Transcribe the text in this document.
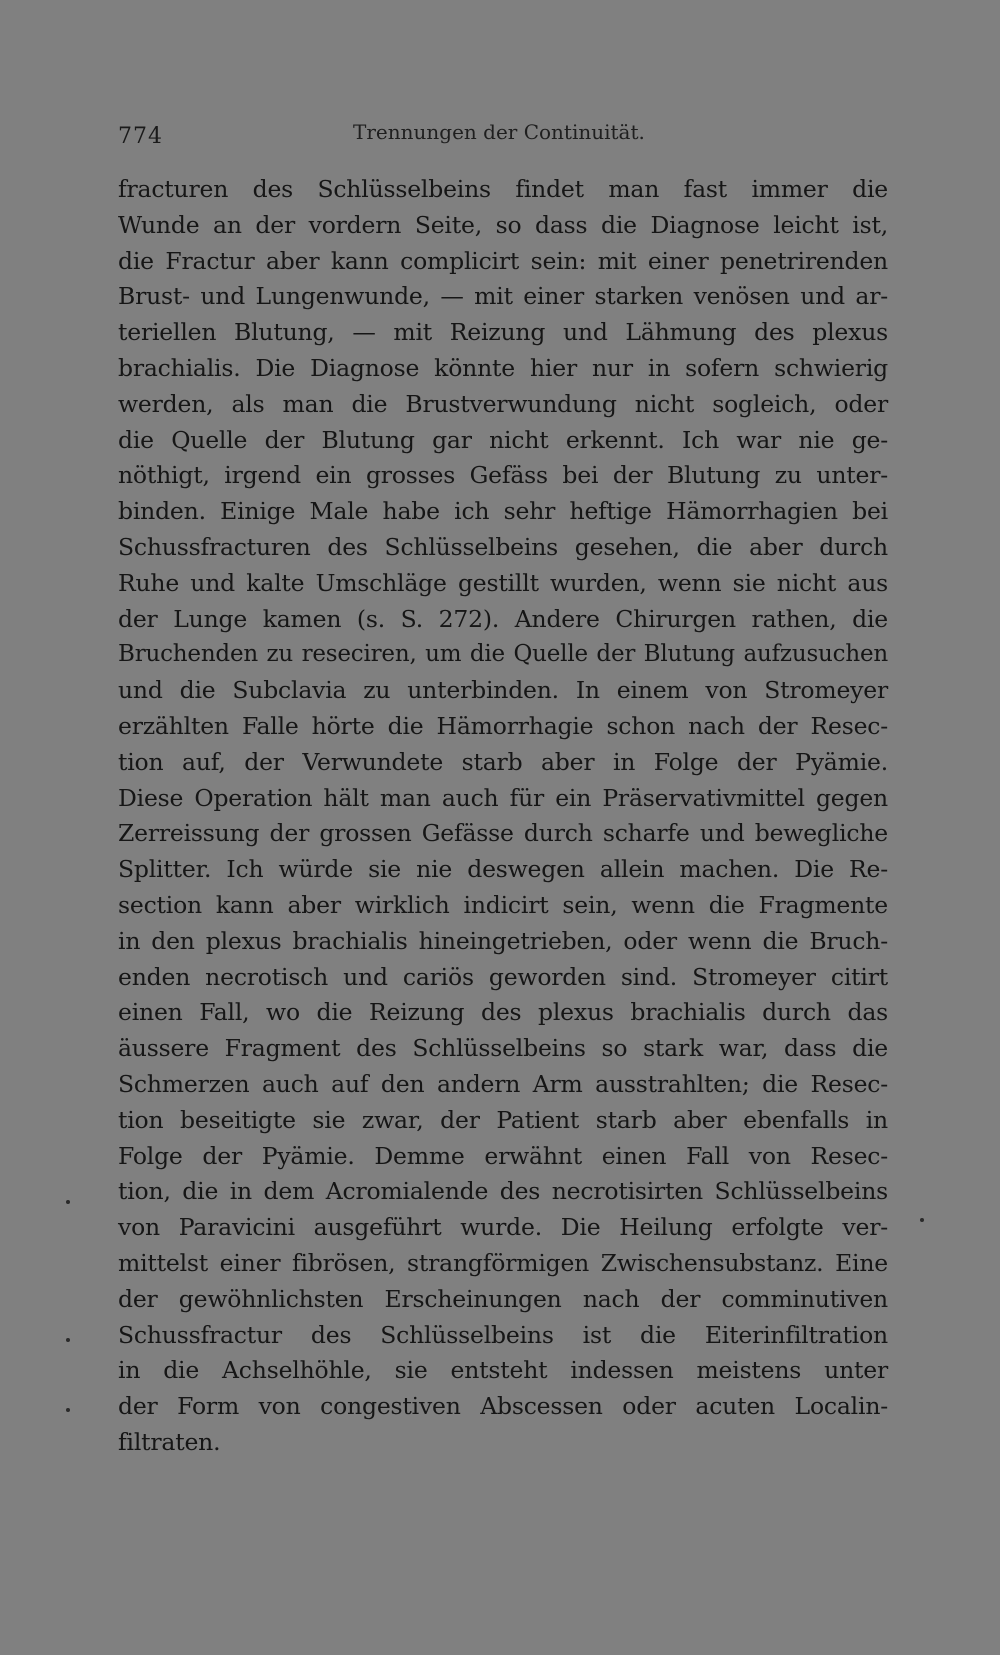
774	Trennungen der Continuität.
fracturen des Schlüsselbeins findet man fast immer die
Wunde an der vordern Seite, so dass die Diagnose leicht ist,
die Fractur aber kann complicirt sein: mit einer penetrirenden
Brust- und Lungenwunde, — mit einer starken venösen und ar-
teriellen Blutung, — mit Reizung und Lähmung des plexus
brachialis. Die Diagnose könnte hier nur in sofern schwierig
werden, als man die Brustverwundung nicht sogleich, oder
die Quelle der Blutung gar nicht erkennt. Ich war nie ge-
nöthigt, irgend ein grosses Gefäss bei der Blutung zu unter-
binden. Einige Male habe ich sehr heftige Hämorrhagien bei
Schussfracturen des Schlüsselbeins gesehen, die aber durch
Ruhe und kalte Umschläge gestillt wurden, wenn sie nicht aus
der Lunge kamen (s. S. 272). Andere Chirurgen rathen, die
Bruchenden zu reseciren, um die Quelle der Blutung aufzusuchen
und die Subclavia zu unterbinden. In einem von Stromeyer
erzählten Falle hörte die Hämorrhagie schon nach der Resec-
tion auf, der Verwundete starb aber in Folge der Pyämie.
Diese Operation hält man auch für ein Präservativmittel gegen
Zerreissung der grossen Gefässe durch scharfe und bewegliche
Splitter. Ich würde sie nie deswegen allein machen. Die Re-
section kann aber wirklich indicirt sein, wenn die Fragmente
in den plexus brachialis hineingetrieben, oder wenn die Bruch-
enden necrotisch und cariös geworden sind. Stromeyer citirt
einen Fall, wo die Reizung des plexus brachialis durch das
äussere Fragment des Schlüsselbeins so stark war, dass die
Schmerzen auch auf den andern Arm ausstrahlten; die Resec-
tion beseitigte sie zwar, der Patient starb aber ebenfalls in
Folge der Pyämie. Demme erwähnt einen Fall von Resec-
tion, die in dem Acromialende des necrotisirten Schlüsselbeins
von Paravicini ausgeführt wurde. Die Heilung erfolgte ver-
mittelst einer fibrösen, strangförmigen Zwischensubstanz. Eine
der gewöhnlichsten Erscheinungen nach der comminutiven
Schussfractur des Schlüsselbeins ist die Eiterinfiltration
in die Achselhöhle, sie entsteht indessen meistens unter
der Form von congestiven Abscessen oder acuten Localin-
filtraten.
